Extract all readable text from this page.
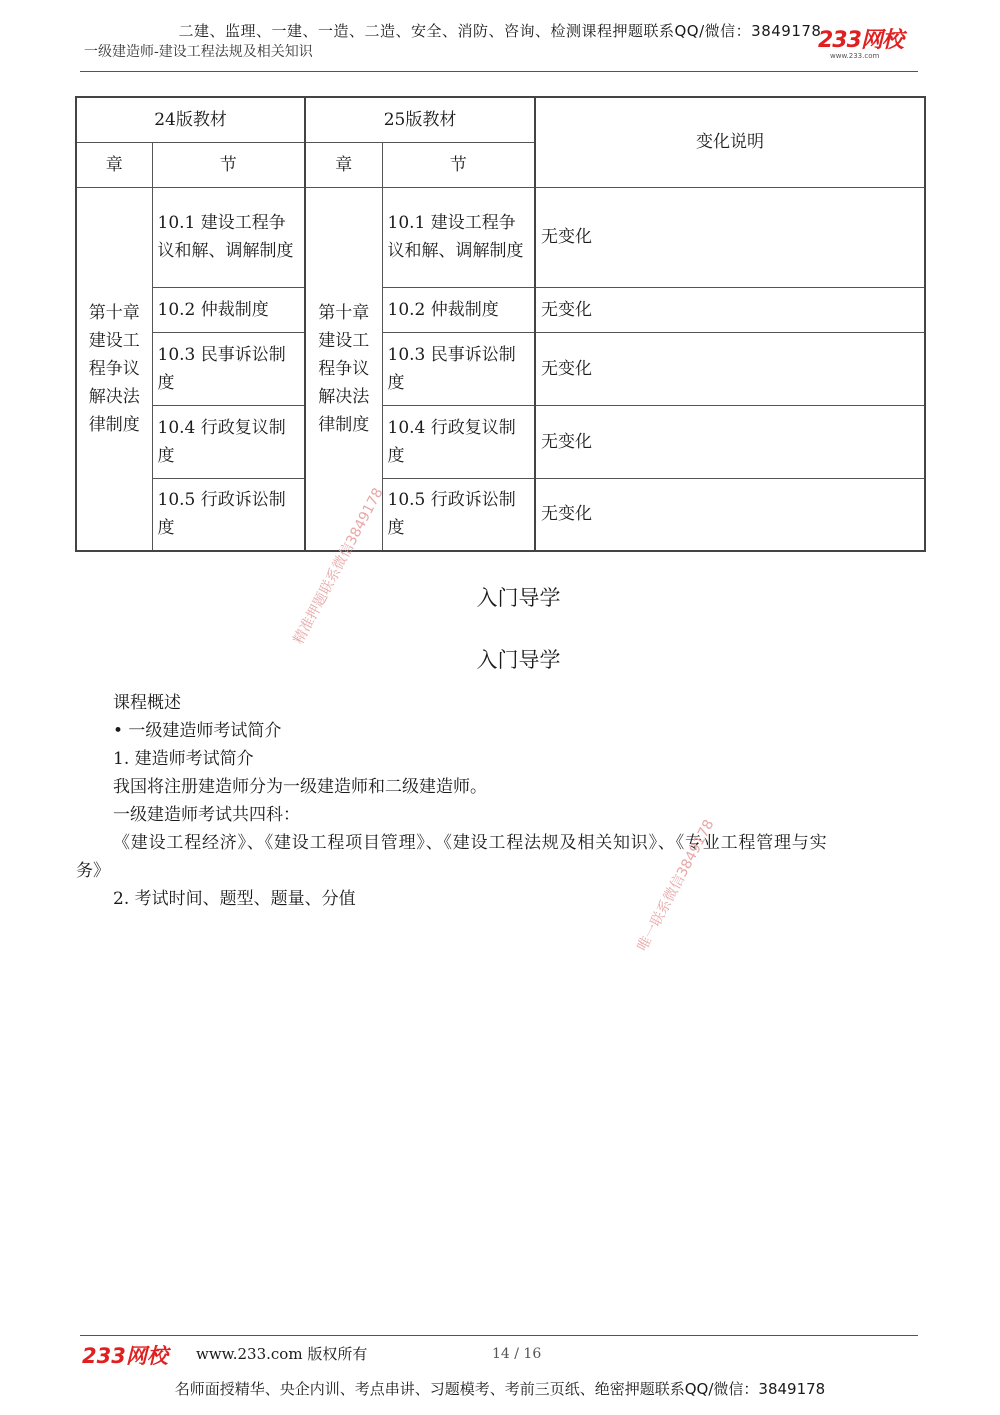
二建、监理、一建、一造、二造、安全、消防、咨询、检测课程押题联系QQ/微信：3849178
一级建造师-建设工程法规及相关知识	233网校
www.233.com
24版教材		25版教材		变化说明
章	节	章	节	
第十章建设工程争议解决法律制度	10.1 建设工程争议和解、调解制度	第十章建设工程争议解决法律制度	10.1 建设工程争议和解、调解制度	无变化
	10.2 仲裁制度		10.2 仲裁制度	无变化
	10.3 民事诉讼制度		10.3 民事诉讼制度	无变化
	10.4 行政复议制度		10.4 行政复议制度	无变化
	10.5 行政诉讼制度		10.5 行政诉讼制度	无变化
入门导学
入门导学
课程概述
• 一级建造师考试简介
1. 建造师考试简介
我国将注册建造师分为一级建造师和二级建造师。
一级建造师考试共四科：
《建设工程经济》、《建设工程项目管理》、《建设工程法规及相关知识》、《专业工程管理与实
务》
2. 考试时间、题型、题量、分值
精准押题联系微信3849178
唯一联系微信3849178
233网校 www.233.com 版权所有	14 / 16
名师面授精华、央企内训、考点串讲、习题模考、考前三页纸、绝密押题联系QQ/微信：3849178
